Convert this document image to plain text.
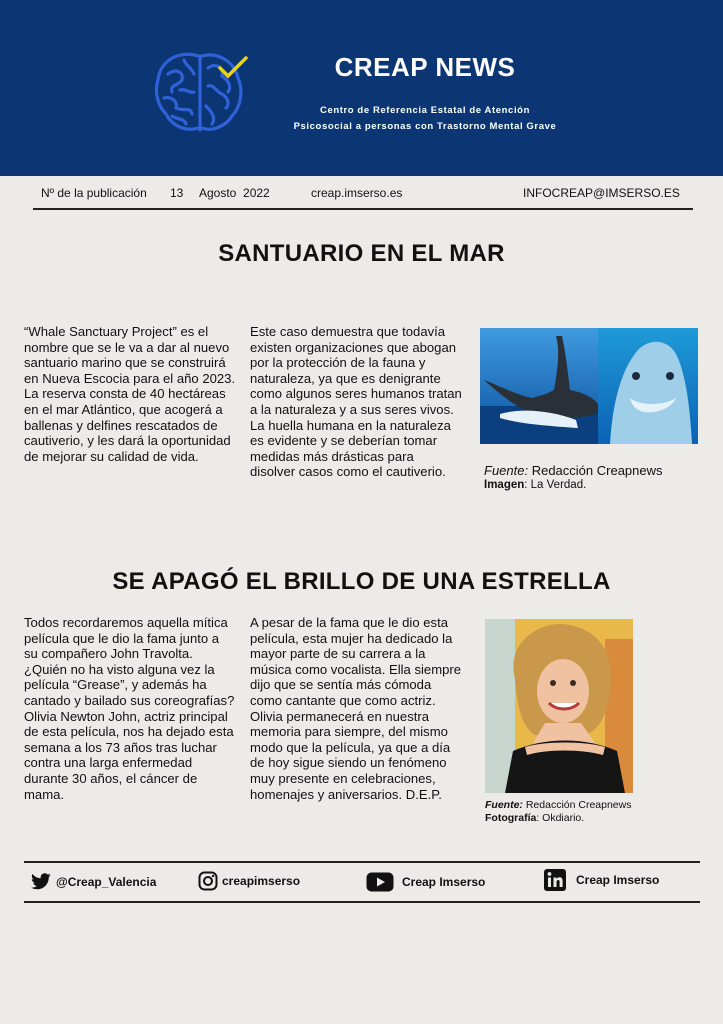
CREAP NEWS
Centro de Referencia Estatal de Atención
Psicosocial a personas con Trastorno Mental Grave
Nº de la publicación 13 Agosto  2022	creap.imserso.es	INFOCREAP@IMSERSO.ES
SANTUARIO EN EL MAR

“Whale Sanctuary Project” es el nombre que se le va a dar al nuevo santuario marino que se construirá en Nueva Escocia para el año 2023. La reserva consta de 40 hectáreas en el mar Atlántico, que acogerá a ballenas y delfines rescatados de cautiverio, y les dará la oportunidad de mejorar su calidad de vida.

Este caso demuestra que todavía existen organizaciones que abogan por la protección de la fauna y naturaleza, ya que es denigrante como algunos seres humanos tratan a la naturaleza y a sus seres vivos.

La huella humana en la naturaleza es evidente y se deberían tomar medidas más drásticas para disolver casos como el cautiverio.	Fuente: Redacción Creapnews

Imagen: La Verdad.

SE APAGÓ EL BRILLO DE UNA ESTRELLA

Todos recordaremos aquella mítica película que le dio la fama junto a su compañero John Travolta. ¿Quién no ha visto alguna vez la película “Grease”, y además ha cantado y bailado sus coreografías? Olivia Newton John, actriz principal de esta película, nos ha dejado esta semana a los 73 años tras luchar contra una larga enfermedad durante 30 años, el cáncer de mama.

A pesar de la fama que le dio esta película, esta mujer ha dedicado la mayor parte de su carrera a la música como vocalista. Ella siempre dijo que se sentía más cómoda como cantante que como actriz.

Olivia permanecerá en nuestra memoria para siempre, del mismo modo que la película, ya que a día de hoy sigue siendo un fenómeno muy presente en celebraciones, homenajes y aniversarios. D.E.P.

Fuente: Redacción Creapnews

Fotografía: Okdiario.

@Creap_Valencia	creapimserso	Creap Imserso	Creap Imserso
